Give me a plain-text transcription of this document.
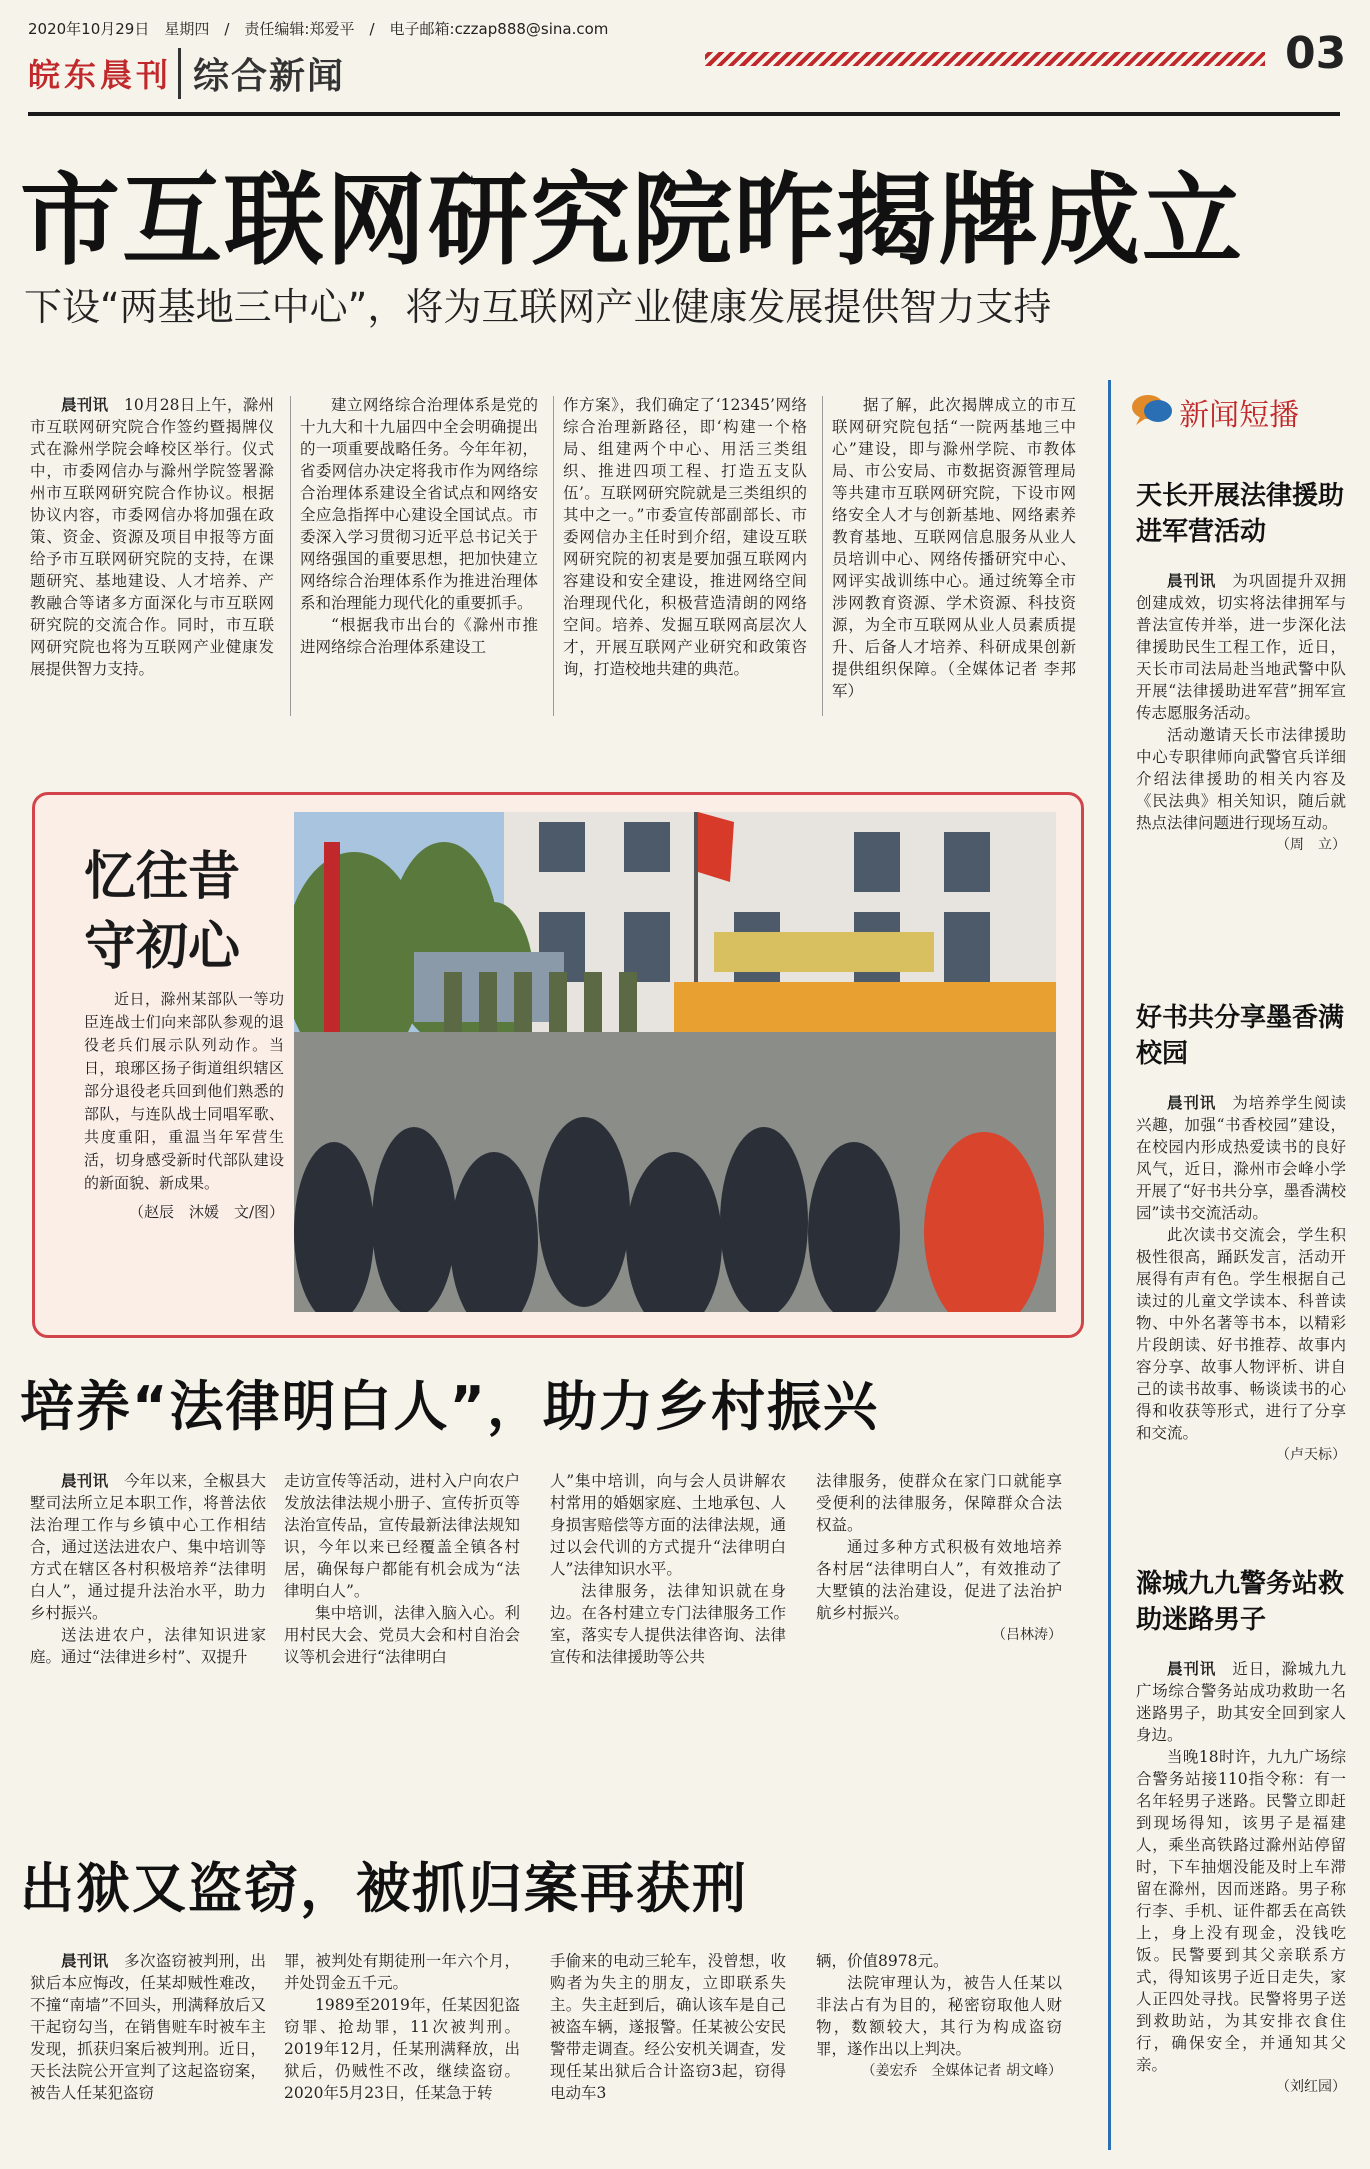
2020年10月29日　星期四　/　责任编辑:郑爱平　/　电子邮箱:czzap888@sina.com
皖东晨刊 综合新闻	03
市互联网研究院昨揭牌成立
下设“两基地三中心”，将为互联网产业健康发展提供智力支持

晨刊讯　 10月28日上午，滁州市互联网研究院合作签约暨揭牌仪式在滁州学院会峰校区举行。仪式中，市委网信办与滁州学院签署滁州市互联网研究院合作协议。根据协议内容，市委网信办将加强在政策、资金、资源及项目申报等方面给予市互联网研究院的支持，在课题研究、基地建设、人才培养、产教融合等诸多方面深化与市互联网研究院的交流合作。同时，市互联网研究院也将为互联网产业健康发展提供智力支持。

建立网络综合治理体系是党的十九大和十九届四中全会明确提出的一项重要战略任务。今年年初，省委网信办决定将我市作为网络综合治理体系建设全省试点和网络安全应急指挥中心建设全国试点。市委深入学习贯彻习近平总书记关于网络强国的重要思想，把加快建立网络综合治理体系作为推进治理体系和治理能力现代化的重要抓手。

“根据我市出台的《滁州市推进网络综合治理体系建设工

作方案》，我们确定了‘12345’网络综合治理新路径，即‘构建一个格局、组建两个中心、用活三类组织、推进四项工程、打造五支队伍’。互联网研究院就是三类组织的其中之一。”市委宣传部副部长、市委网信办主任时到介绍，建设互联网研究院的初衷是要加强互联网内容建设和安全建设，推进网络空间治理现代化，积极营造清朗的网络空间。培养、发掘互联网高层次人才，开展互联网产业研究和政策咨询，打造校地共建的典范。

据了解，此次揭牌成立的市互联网研究院包括“一院两基地三中心”建设，即与滁州学院、市教体局、市公安局、市数据资源管理局等共建市互联网研究院，下设市网络安全人才与创新基地、网络素养教育基地、互联网信息服务从业人员培训中心、网络传播研究中心、网评实战训练中心。通过统筹全市涉网教育资源、学术资源、科技资源，为全市互联网从业人员素质提升、后备人才培养、科研成果创新提供组织保障。（全媒体记者 李邦军）

忆往昔守初心
近日，滁州某部队一等功臣连战士们向来部队参观的退役老兵们展示队列动作。当日，琅琊区扬子街道组织辖区部分退役老兵回到他们熟悉的部队，与连队战士同唱军歌、共度重阳，重温当年军营生活，切身感受新时代部队建设的新面貌、新成果。
（赵辰　沐媛　文/图）
培养“法律明白人”，助力乡村振兴

晨刊讯　 今年以来，全椒县大墅司法所立足本职工作，将普法依法治理工作与乡镇中心工作相结合，通过送法进农户、集中培训等方式在辖区各村积极培养“法律明白人”，通过提升法治水平，助力乡村振兴。

送法进农户，法律知识进家庭。通过“法律进乡村”、双提升

走访宣传等活动，进村入户向农户发放法律法规小册子、宣传折页等法治宣传品，宣传最新法律法规知识，今年以来已经覆盖全镇各村居，确保每户都能有机会成为“法律明白人”。

集中培训，法律入脑入心。利用村民大会、党员大会和村自治会议等机会进行“法律明白

人”集中培训，向与会人员讲解农村常用的婚姻家庭、土地承包、人身损害赔偿等方面的法律法规，通过以会代训的方式提升“法律明白人”法律知识水平。

法律服务，法律知识就在身边。在各村建立专门法律服务工作室，落实专人提供法律咨询、法律宣传和法律援助等公共

法律服务，使群众在家门口就能享受便利的法律服务，保障群众合法权益。

通过多种方式积极有效地培养各村居“法律明白人”，有效推动了大墅镇的法治建设，促进了法治护航乡村振兴。

（吕林涛）
出狱又盗窃，被抓归案再获刑

晨刊讯　 多次盗窃被判刑，出狱后本应悔改，任某却贼性难改，不撞“南墙”不回头，刑满释放后又干起窃勾当，在销售赃车时被车主发现，抓获归案后被判刑。近日，天长法院公开宣判了这起盗窃案，被告人任某犯盗窃

罪，被判处有期徒刑一年六个月，并处罚金五千元。

1989至2019年，任某因犯盗窃罪、抢劫罪，11次被判刑。2019年12月，任某刑满释放，出狱后，仍贼性不改，继续盗窃。2020年5月23日，任某急于转

手偷来的电动三轮车，没曾想，收购者为失主的朋友，立即联系失主。失主赶到后，确认该车是自己被盗车辆，遂报警。任某被公安民警带走调查。经公安机关调查，发现任某出狱后合计盗窃3起，窃得电动车3

辆，价值8978元。

法院审理认为，被告人任某以非法占有为目的，秘密窃取他人财物，数额较大，其行为构成盗窃罪，遂作出以上判决。

（姜宏乔　全媒体记者 胡文峰）
新闻短播
天长开展法律援助进军营活动

晨刊讯　 为巩固提升双拥创建成效，切实将法律拥军与普法宣传并举，进一步深化法律援助民生工程工作，近日，天长市司法局赴当地武警中队开展“法律援助进军营”拥军宣传志愿服务活动。

活动邀请天长市法律援助中心专职律师向武警官兵详细介绍法律援助的相关内容及《民法典》相关知识，随后就热点法律问题进行现场互动。

（周　立）
好书共分享墨香满校园

晨刊讯　 为培养学生阅读兴趣，加强“书香校园”建设，在校园内形成热爱读书的良好风气，近日，滁州市会峰小学开展了“好书共分享，墨香满校园”读书交流活动。

此次读书交流会，学生积极性很高，踊跃发言，活动开展得有声有色。学生根据自己读过的儿童文学读本、科普读物、中外名著等书本，以精彩片段朗读、好书推荐、故事内容分享、故事人物评析、讲自己的读书故事、畅谈读书的心得和收获等形式，进行了分享和交流。

（卢天标）
滁城九九警务站救助迷路男子

晨刊讯　 近日，滁城九九广场综合警务站成功救助一名迷路男子，助其安全回到家人身边。

当晚18时许，九九广场综合警务站接110指令称：有一名年轻男子迷路。民警立即赶到现场得知，该男子是福建人，乘坐高铁路过滁州站停留时，下车抽烟没能及时上车滞留在滁州，因而迷路。男子称行李、手机、证件都丢在高铁上，身上没有现金，没钱吃饭。民警要到其父亲联系方式，得知该男子近日走失，家人正四处寻找。民警将男子送到救助站，为其安排衣食住行，确保安全，并通知其父亲。

（刘红园）
